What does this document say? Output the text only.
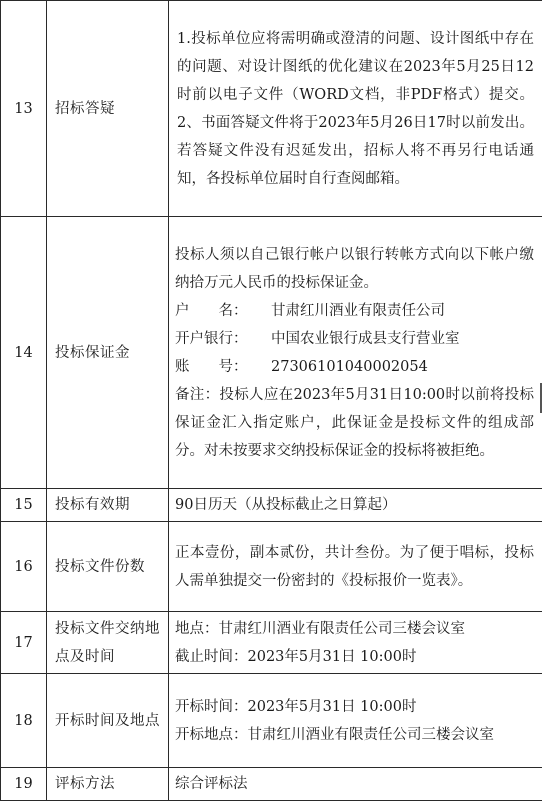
13	招标答疑	1.投标单位应将需明确或澄清的问题、设计图纸中存在的问题、对设计图纸的优化建议在2023年5月25日12时前以电子文件（WORD文档，非PDF格式）提交。2、书面答疑文件将于2023年5月26日17时以前发出。若答疑文件没有迟延发出，招标人将不再另行电话通知，各投标单位届时自行查阅邮箱。

14	投标保证金	投标人须以自己银行帐户以银行转帐方式向以下帐户缴纳拾万元人民币的投标保证金。
户　　名： 甘肃红川酒业有限责任公司
开户银行： 中国农业银行成县支行营业室
账　　号： 27306101040002054
备注：投标人应在2023年5月31日10:00时以前将投标保证金汇入指定账户，此保证金是投标文件的组成部分。对未按要求交纳投标保证金的投标将被拒绝。

15	投标有效期	90日历天（从投标截止之日算起）
16	投标文件份数	正本壹份，副本贰份，共计叁份。为了便于唱标，投标人需单独提交一份密封的《投标报价一览表》。
17	投标文件交纳地点及时间	地点：甘肃红川酒业有限责任公司三楼会议室
截止时间：2023年5月31日 10:00时

18	开标时间及地点	开标时间：2023年5月31日 10:00时
开标地点：甘肃红川酒业有限责任公司三楼会议室

19	评标方法	综合评标法
